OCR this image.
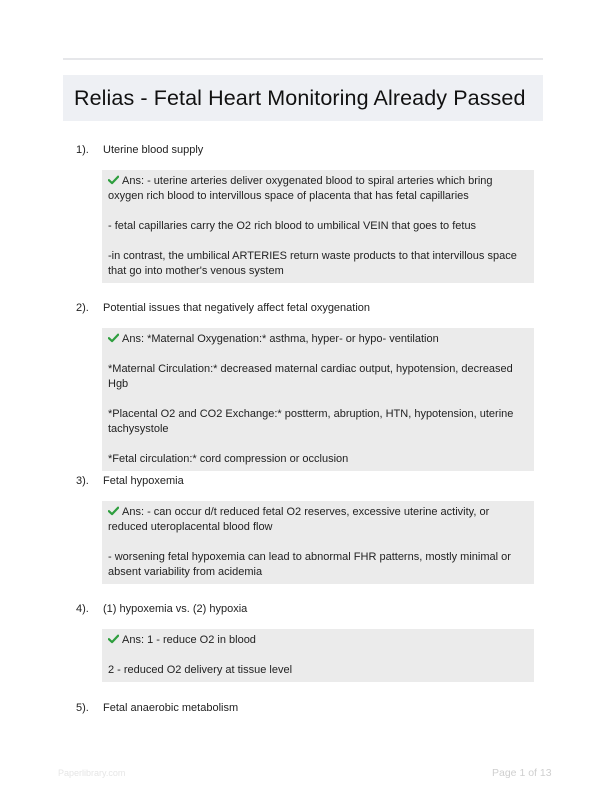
Relias - Fetal Heart Monitoring Already Passed
1). Uterine blood supply

Ans: - uterine arteries deliver oxygenated blood to spiral arteries which bring oxygen rich blood to intervillous space of placenta that has fetal capillaries

- fetal capillaries carry the O2 rich blood to umbilical VEIN that goes to fetus

-in contrast, the umbilical ARTERIES return waste products to that intervillous space that go into mother's venous system

2). Potential issues that negatively affect fetal oxygenation

Ans: *Maternal Oxygenation:* asthma, hyper- or hypo- ventilation

*Maternal Circulation:* decreased maternal cardiac output, hypotension, decreased Hgb

*Placental O2 and CO2 Exchange:* postterm, abruption, HTN, hypotension, uterine tachysystole

*Fetal circulation:* cord compression or occlusion

3). Fetal hypoxemia

Ans: - can occur d/t reduced fetal O2 reserves, excessive uterine activity, or reduced uteroplacental blood flow

- worsening fetal hypoxemia can lead to abnormal FHR patterns, mostly minimal or absent variability from acidemia

4). (1) hypoxemia vs. (2) hypoxia

Ans: 1 - reduce O2 in blood

2 - reduced O2 delivery at tissue level

5). Fetal anaerobic metabolism
Paperlibrary.com	Page 1 of 13
